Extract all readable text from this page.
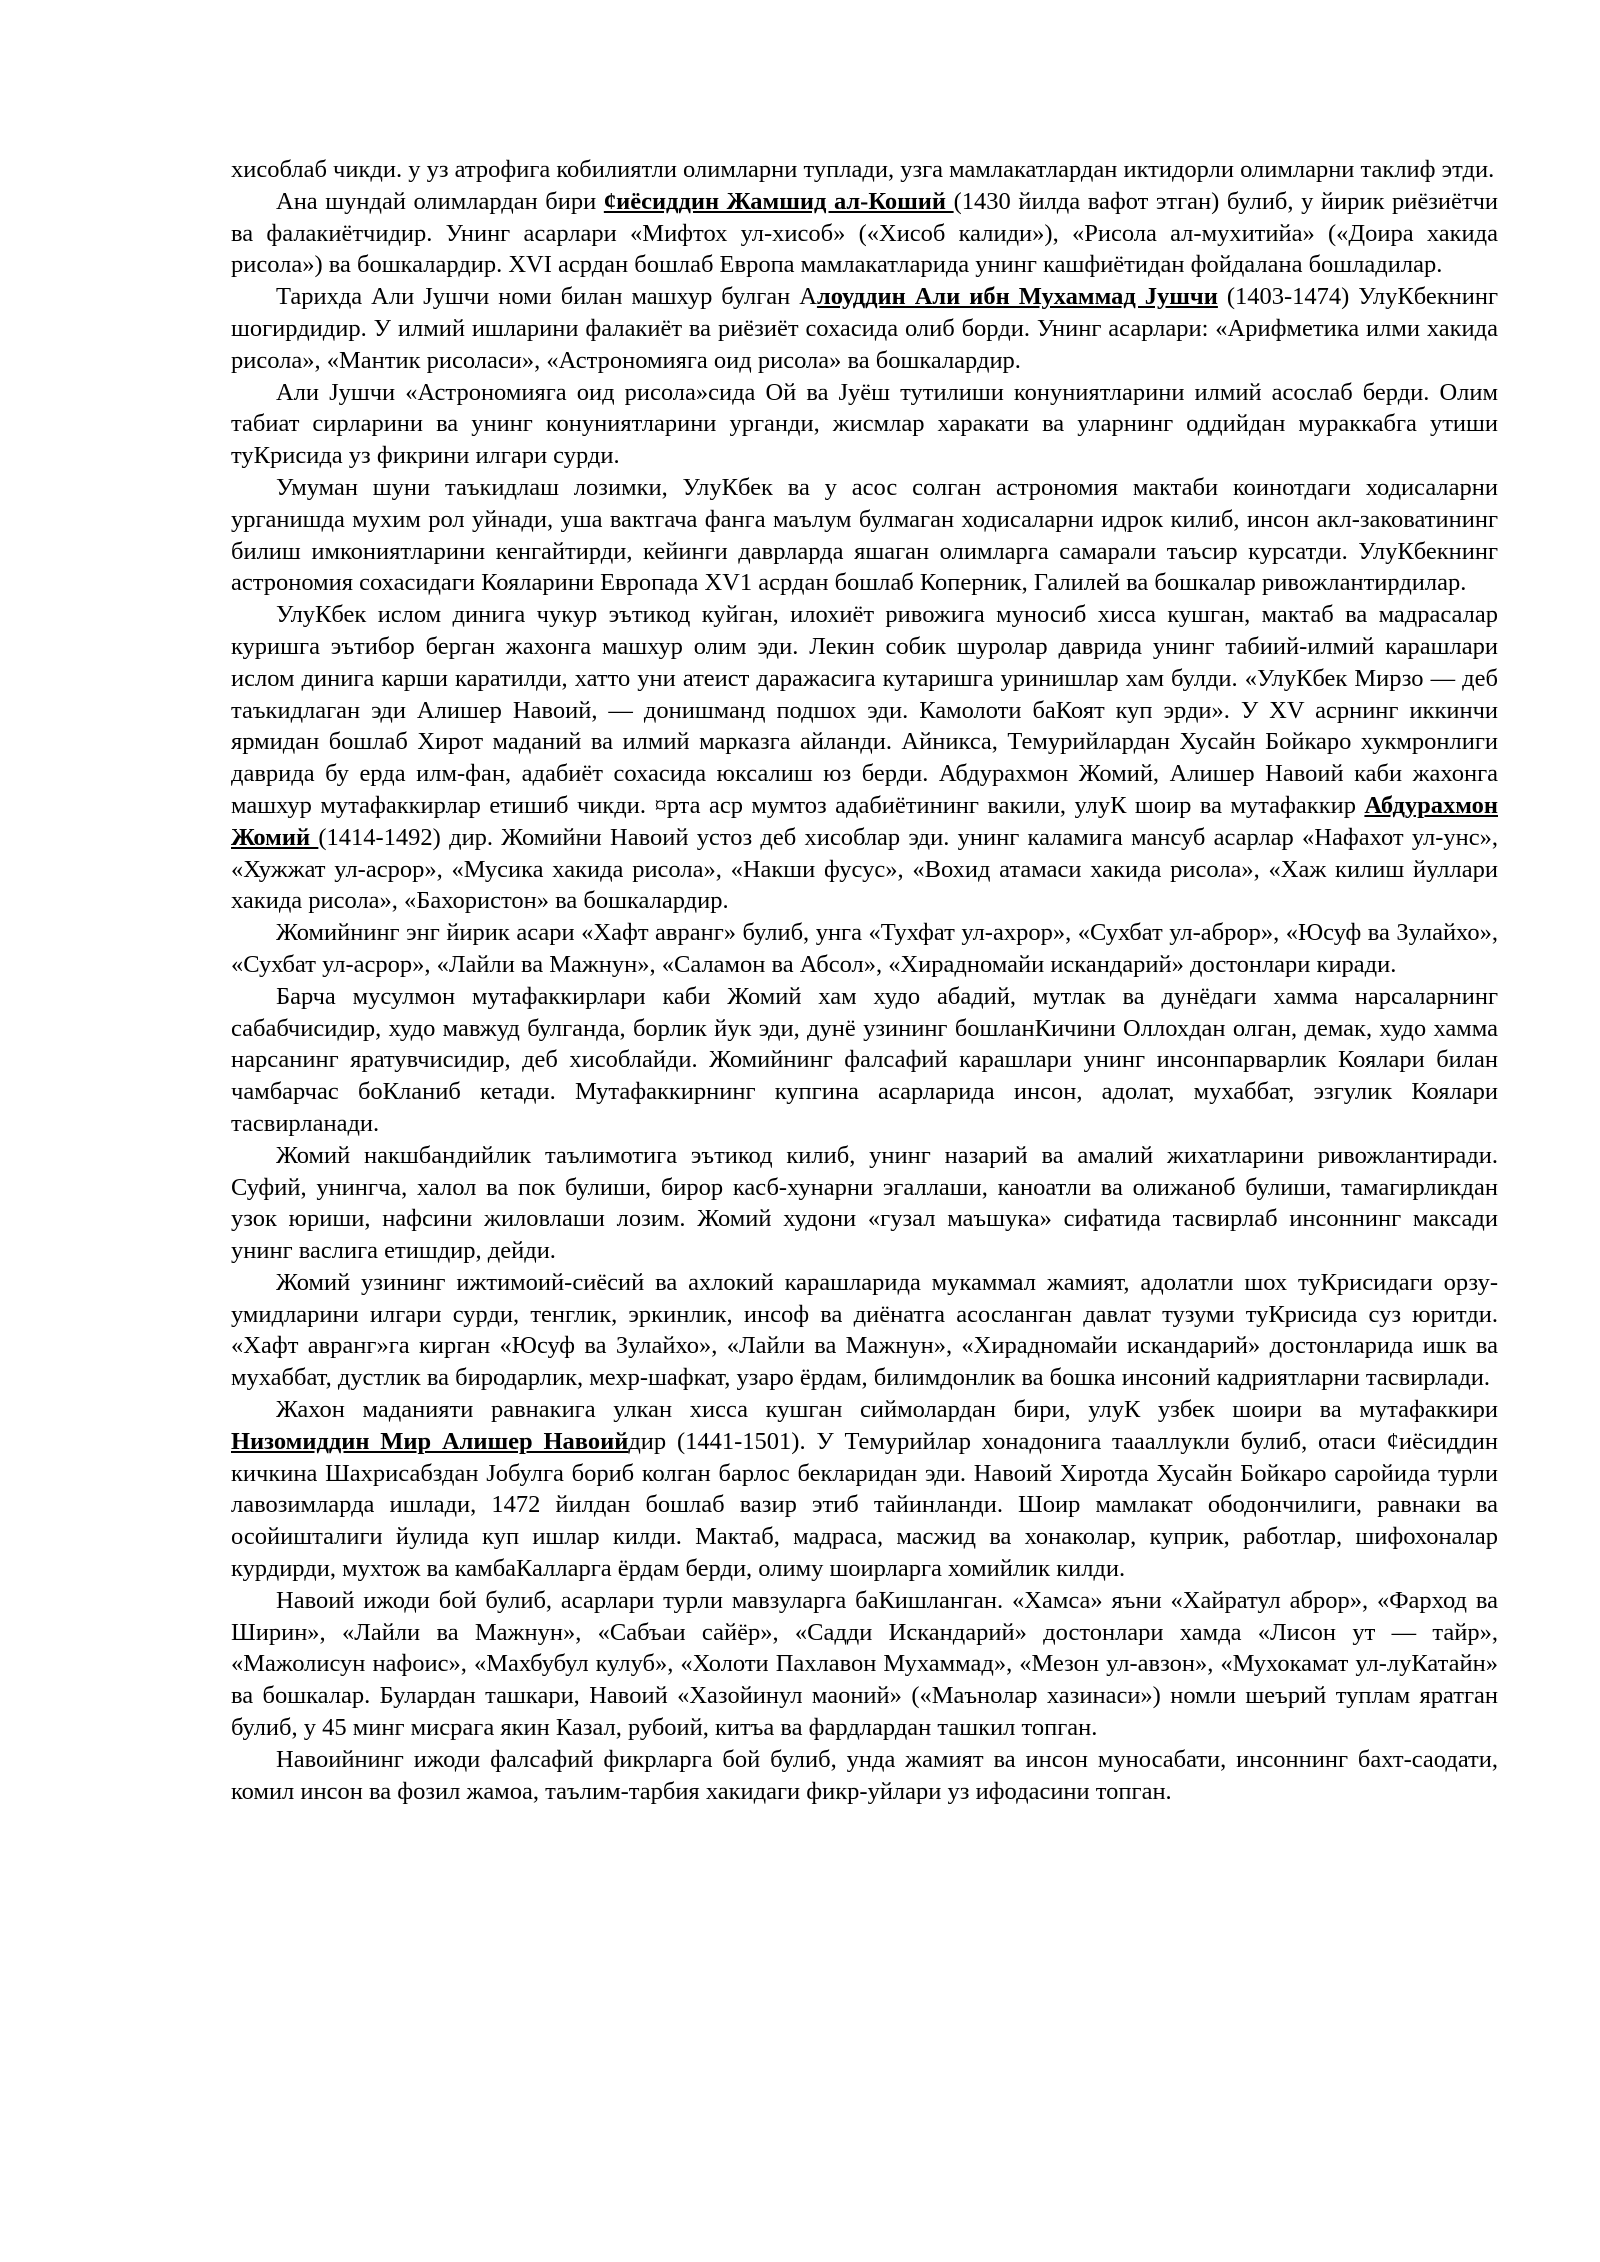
хисоблаб чикди. у уз атрофига кобилиятли олимларни туплади, узга мамлакатлардан иктидорли олимларни таклиф этди.

Ана шундай олимлардан бири ¢иёсиддин Жамшид ал-Коший (1430 йилда вафот этган) булиб, у йирик риёзиётчи ва фалакиётчидир. Унинг асарлари «Мифтох ул-хисоб» («Хисоб калиди»), «Рисола ал-мухитийа» («Доира хакида рисола») ва бошкалардир. XVI асрдан бошлаб Европа мамлакатларида унинг кашфиётидан фойдалана бошладилар.

Тарихда Али Јушчи номи билан машхур булган Алоуддин Али ибн Мухаммад Јушчи (1403-1474) УлуКбекнинг шогирдидир. У илмий ишларини фалакиёт ва риёзиёт сохасида олиб борди. Унинг асарлари: «Арифметика илми хакида рисола», «Мантик рисоласи», «Астрономияга оид рисола» ва бошкалардир.

Али Јушчи «Астрономияга оид рисола»сида Ой ва Јуёш тутилиши конуниятларини илмий асослаб берди. Олим табиат сирларини ва унинг конуниятларини урганди, жисмлар харакати ва уларнинг оддийдан мураккабга утиши туКрисида уз фикрини илгари сурди.

Умуман шуни таъкидлаш лозимки, УлуКбек ва у асос солган астрономия мактаби коинотдаги ходисаларни урганишда мухим рол уйнади, уша вактгача фанга маълум булмаган ходисаларни идрок килиб, инсон акл-заковатининг билиш имкониятларини кенгайтирди, кейинги даврларда яшаган олимларга самарали таъсир курсатди. УлуКбекнинг астрономия сохасидаги Кояларини Европада XV1 асрдан бошлаб Коперник, Галилей ва бошкалар ривожлантирдилар.

УлуКбек ислом динига чукур эътикод куйган, илохиёт ривожига муносиб хисса кушган, мактаб ва мадрасалар куришга эътибор берган жахонга машхур олим эди. Лекин собик шуролар даврида унинг табиий-илмий карашлари ислом динига карши каратилди, хатто уни атеист даражасига кутаришга уринишлар хам булди. «УлуКбек Мирзо — деб таъкидлаган эди Алишер Навоий, — донишманд подшох эди. Камолоти баКоят куп эрди». У XV асрнинг иккинчи ярмидан бошлаб Хирот маданий ва илмий марказга айланди. Айникса, Темурийлардан Хусайн Бойкаро хукмронлиги даврида бу ерда илм-фан, адабиёт сохасида юксалиш юз берди. Абдурахмон Жомий, Алишер Навоий каби жахонга машхур мутафаккирлар етишиб чикди. ¤рта аср мумтоз адабиётининг вакили, улуК шоир ва мутафаккир Абдурахмон Жомий (1414-1492) дир. Жомийни Навоий устоз деб хисоблар эди. унинг каламига мансуб асарлар «Нафахот ул-унс», «Хужжат ул-асрор», «Мусика хакида рисола», «Накши фусус», «Вохид атамаси хакида рисола», «Хаж килиш йуллари хакида рисола», «Бахористон» ва бошкалардир.

Жомийнинг энг йирик асари «Хафт авранг» булиб, унга «Тухфат ул-ахрор», «Сухбат ул-аброр», «Юсуф ва Зулайхо», «Сухбат ул-асрор», «Лайли ва Мажнун», «Саламон ва Абсол», «Хирадномайи искандарий» достонлари киради.

Барча мусулмон мутафаккирлари каби Жомий хам худо абадий, мутлак ва дунёдаги хамма нарсаларнинг сабабчисидир, худо мавжуд булганда, борлик йук эди, дунё узининг бошланКичини Оллохдан олган, демак, худо хамма нарсанинг яратувчисидир, деб хисоблайди. Жомийнинг фалсафий карашлари унинг инсонпарварлик Коялари билан чамбарчас боКланиб кетади. Мутафаккирнинг купгина асарларида инсон, адолат, мухаббат, эзгулик Коялари тасвирланади.

Жомий накшбандийлик таълимотига эътикод килиб, унинг назарий ва амалий жихатларини ривожлантиради. Суфий, унингча, халол ва пок булиши, бирор касб-хунарни эгаллаши, каноатли ва олижаноб булиши, тамагирликдан узок юриши, нафсини жиловлаши лозим. Жомий худони «гузал маъшука» сифатида тасвирлаб инсоннинг максади унинг васлига етишдир, дейди.

Жомий узининг ижтимоий-сиёсий ва ахлокий карашларида мукаммал жамият, адолатли шох туКрисидаги орзу-умидларини илгари сурди, тенглик, эркинлик, инсоф ва диёнатга асосланган давлат тузуми туКрисида суз юритди. «Хафт авранг»га кирган «Юсуф ва Зулайхо», «Лайли ва Мажнун», «Хирадномайи искандарий» достонларида ишк ва мухаббат, дустлик ва биродарлик, мехр-шафкат, узаро ёрдам, билимдонлик ва бошка инсоний кадриятларни тасвирлади.

Жахон маданияти равнакига улкан хисса кушган сиймолардан бири, улуК узбек шоири ва мутафаккири Низомиддин Мир Алишер Навоийдир (1441-1501). У Темурийлар хонадонига таааллукли булиб, отаси ¢иёсиддин кичкина Шахрисабздан Јобулга бориб колган барлос бекларидан эди. Навоий Хиротда Хусайн Бойкаро саройида турли лавозимларда ишлади, 1472 йилдан бошлаб вазир этиб тайинланди. Шоир мамлакат ободончилиги, равнаки ва осойишталиги йулида куп ишлар килди. Мактаб, мадраса, масжид ва хонаколар, куприк, работлар, шифохоналар курдирди, мухтож ва камбаКалларга ёрдам берди, олиму шоирларга хомийлик килди.

Навоий ижоди бой булиб, асарлари турли мавзуларга баКишланган. «Хамса» яъни «Хайратул аброр», «Фарход ва Ширин», «Лайли ва Мажнун», «Сабъаи сайёр», «Садди Искандарий» достонлари хамда «Лисон ут — тайр», «Мажолисун нафоис», «Махбубул кулуб», «Холоти Пахлавон Мухаммад», «Мезон ул-авзон», «Мухокамат ул-луКатайн» ва бошкалар. Булардан ташкари, Навоий «Хазойинул маоний» («Маънолар хазинаси») номли шеърий туплам яратган булиб, у 45 минг мисрага якин Казал, рубоий, китъа ва фардлардан ташкил топган.

Навоийнинг ижоди фалсафий фикрларга бой булиб, унда жамият ва инсон муносабати, инсоннинг бахт-саодати, комил инсон ва фозил жамоа, таълим-тарбия хакидаги фикр-уйлари уз ифодасини топган.
